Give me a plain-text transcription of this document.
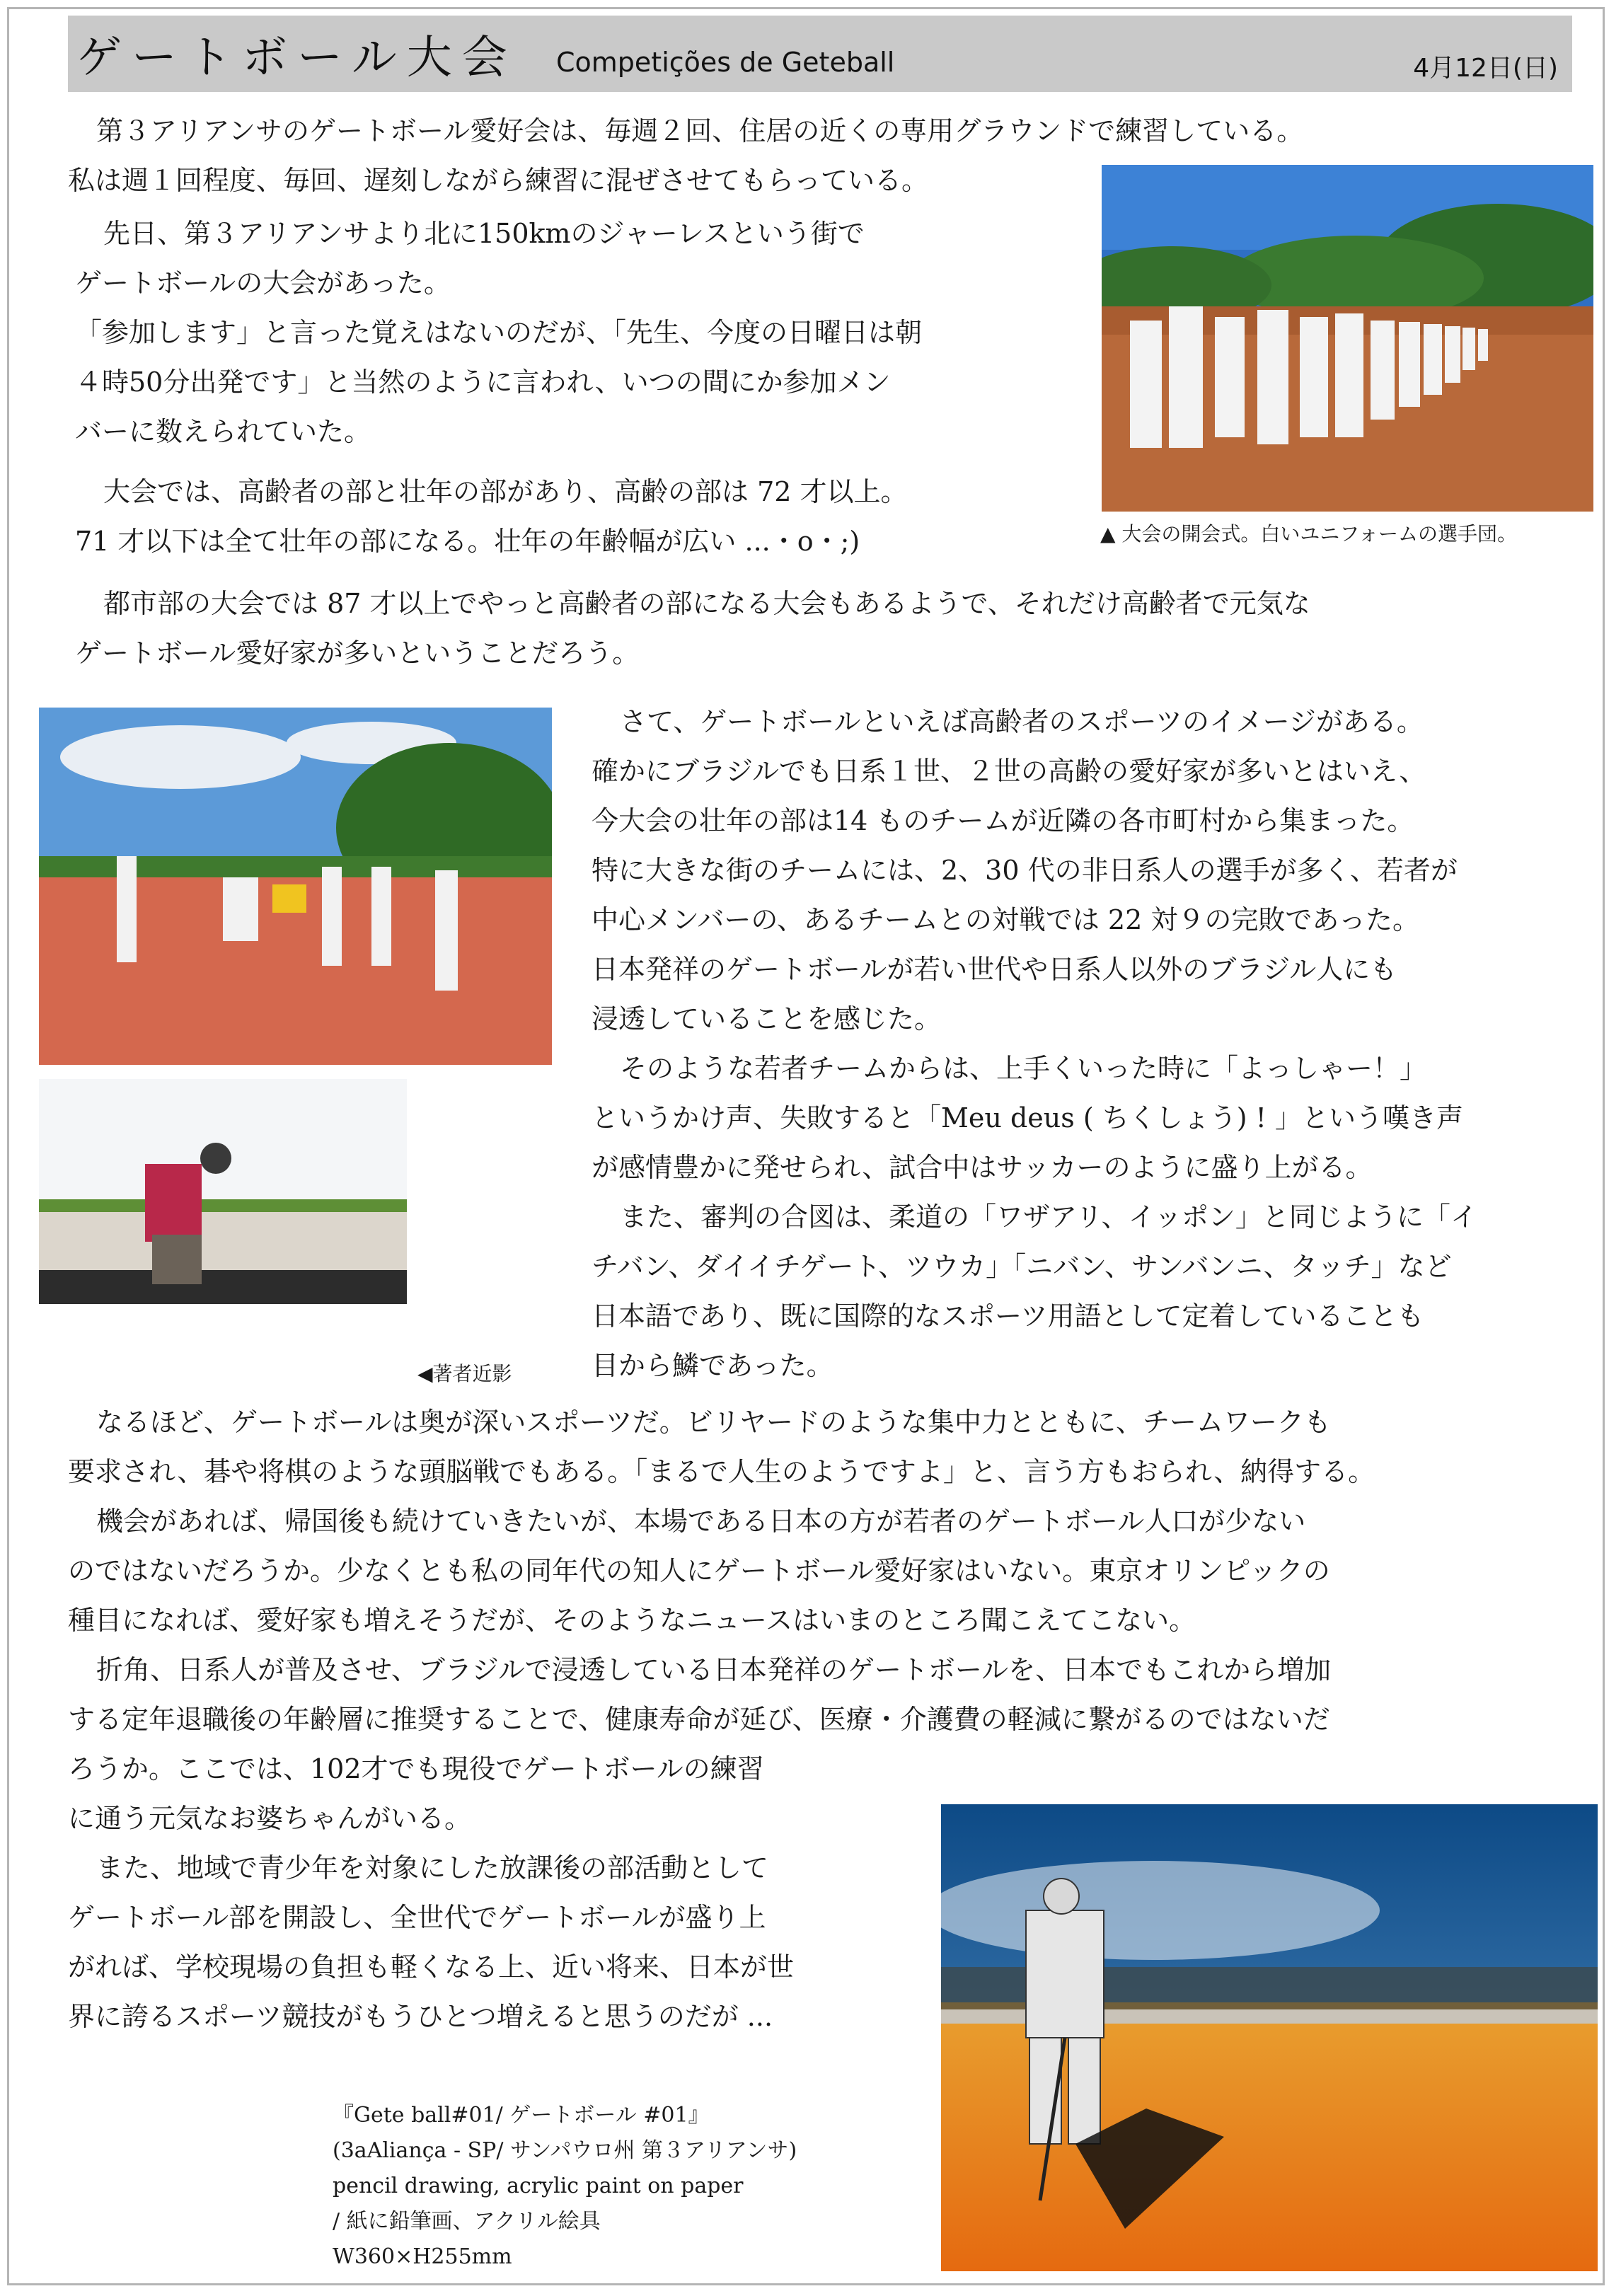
ゲートボール大会 Competições de Geteball	4月12日(日)
第３アリアンサのゲートボール愛好会は、毎週２回、住居の近くの専用グラウンドで練習している。
私は週１回程度、毎回、遅刻しながら練習に混ぜさせてもらっている。
先日、第３アリアンサより北に150kmのジャーレスという街で
ゲートボールの大会があった。
「参加します」と言った覚えはないのだが、「先生、今度の日曜日は朝
４時50分出発です」と当然のように言われ、いつの間にか参加メン
バーに数えられていた。
大会では、高齢者の部と壮年の部があり、高齢の部は 72 才以上。
71 才以下は全て壮年の部になる。壮年の年齢幅が広い ...・o・;)	▲ 大会の開会式。白いユニフォームの選手団。
都市部の大会では 87 才以上でやっと高齢者の部になる大会もあるようで、それだけ高齢者で元気な
ゲートボール愛好家が多いということだろう。
◀著者近影
さて、ゲートボールといえば高齢者のスポーツのイメージがある。
確かにブラジルでも日系１世、２世の高齢の愛好家が多いとはいえ、
今大会の壮年の部は14 ものチームが近隣の各市町村から集まった。
特に大きな街のチームには、2、30 代の非日系人の選手が多く、若者が
中心メンバーの、あるチームとの対戦では 22 対９の完敗であった。
日本発祥のゲートボールが若い世代や日系人以外のブラジル人にも
浸透していることを感じた。
そのような若者チームからは、上手くいった時に「よっしゃー！」
というかけ声、失敗すると「Meu deus ( ちくしょう) ! 」という嘆き声
が感情豊かに発せられ、試合中はサッカーのように盛り上がる。
また、審判の合図は、柔道の「ワザアリ、イッポン」と同じように「イ
チバン、ダイイチゲート、ツウカ」「ニバン、サンバンニ、タッチ」など
日本語であり、既に国際的なスポーツ用語として定着していることも
目から鱗であった。
なるほど、ゲートボールは奥が深いスポーツだ。ビリヤードのような集中力とともに、チームワークも
要求され、碁や将棋のような頭脳戦でもある。「まるで人生のようですよ」と、言う方もおられ、納得する。
機会があれば、帰国後も続けていきたいが、本場である日本の方が若者のゲートボール人口が少ない
のではないだろうか。少なくとも私の同年代の知人にゲートボール愛好家はいない。東京オリンピックの
種目になれば、愛好家も増えそうだが、そのようなニュースはいまのところ聞こえてこない。
折角、日系人が普及させ、ブラジルで浸透している日本発祥のゲートボールを、日本でもこれから増加
する定年退職後の年齢層に推奨することで、健康寿命が延び、医療・介護費の軽減に繋がるのではないだ
ろうか。ここでは、102才でも現役でゲートボールの練習
に通う元気なお婆ちゃんがいる。
また、地域で青少年を対象にした放課後の部活動として
ゲートボール部を開設し、全世代でゲートボールが盛り上
がれば、学校現場の負担も軽くなる上、近い将来、日本が世
界に誇るスポーツ競技がもうひとつ増えると思うのだが ...
『Gete ball#01/ ゲートボール #01』
(3aAliança - SP/ サンパウロ州 第３アリアンサ)
pencil drawing, acrylic paint on paper
/ 紙に鉛筆画、アクリル絵具
W360×H255mm
